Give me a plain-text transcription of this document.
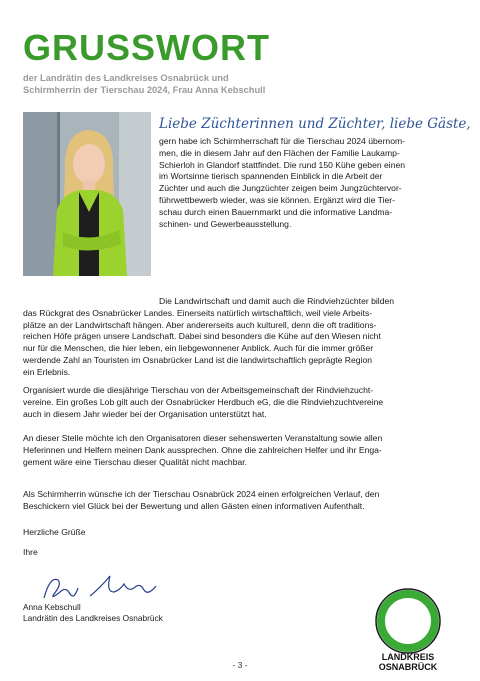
GRUSSWORT
der Landrätin des Landkreises Osnabrück und
Schirmherrin der Tierschau 2024, Frau Anna Kebschull
Liebe Züchterinnen und Züchter, liebe Gäste,

gern habe ich Schirmherrschaft für die Tierschau 2024 übernom-
men, die in diesem Jahr auf den Flächen der Familie Laukamp-
Schierloh in Glandorf stattfindet. Die rund 150 Kühe geben einen
im Wortsinne tierisch spannenden Einblick in die Arbeit der
Züchter und auch die Jungzüchter zeigen beim Jungzüchtervor-
führwettbewerb wieder, was sie können. Ergänzt wird die Tier-
schau durch einen Bauernmarkt und die informative Landma-
schinen- und Gewerbeausstellung.

Die Landwirtschaft und damit auch die Rindviehzüchter bilden
das Rückgrat des Osnabrücker Landes. Einerseits natürlich wirtschaftlich, weil viele Arbeits-
plätze an der Landwirtschaft hängen. Aber andererseits auch kulturell, denn die oft traditions-
reichen Höfe prägen unsere Landschaft. Dabei sind besonders die Kühe auf den Wiesen nicht
nur für die Menschen, die hier leben, ein liebgewonnener Anblick. Auch für die immer größer
werdende Zahl an Touristen im Osnabrücker Land ist die landwirtschaftlich geprägte Region
ein Erlebnis.

Organisiert wurde die diesjährige Tierschau von der Arbeitsgemeinschaft der Rindviehzucht-
vereine. Ein großes Lob gilt auch der Osnabrücker Herdbuch eG, die die Rindviehzuchtvereine
auch in diesem Jahr wieder bei der Organisation unterstützt hat.

An dieser Stelle möchte ich den Organisatoren dieser sehenswerten Veranstaltung sowie allen
Heferinnen und Helfern meinen Dank aussprechen. Ohne die zahlreichen Helfer und ihr Enga-
gement wäre eine Tierschau dieser Qualität nicht machbar.

Als Schirmherrin wünsche ich der Tierschau Osnabrück 2024 einen erfolgreichen Verlauf, den
Beschickern viel Glück bei der Bewertung und allen Gästen einen informativen Aufenthalt.

Herzliche Grüße

Ihre

Anna Kebschull
Landrätin des Landkreises Osnabrück
LANDKREIS
OSNABRÜCK
- 3 -
